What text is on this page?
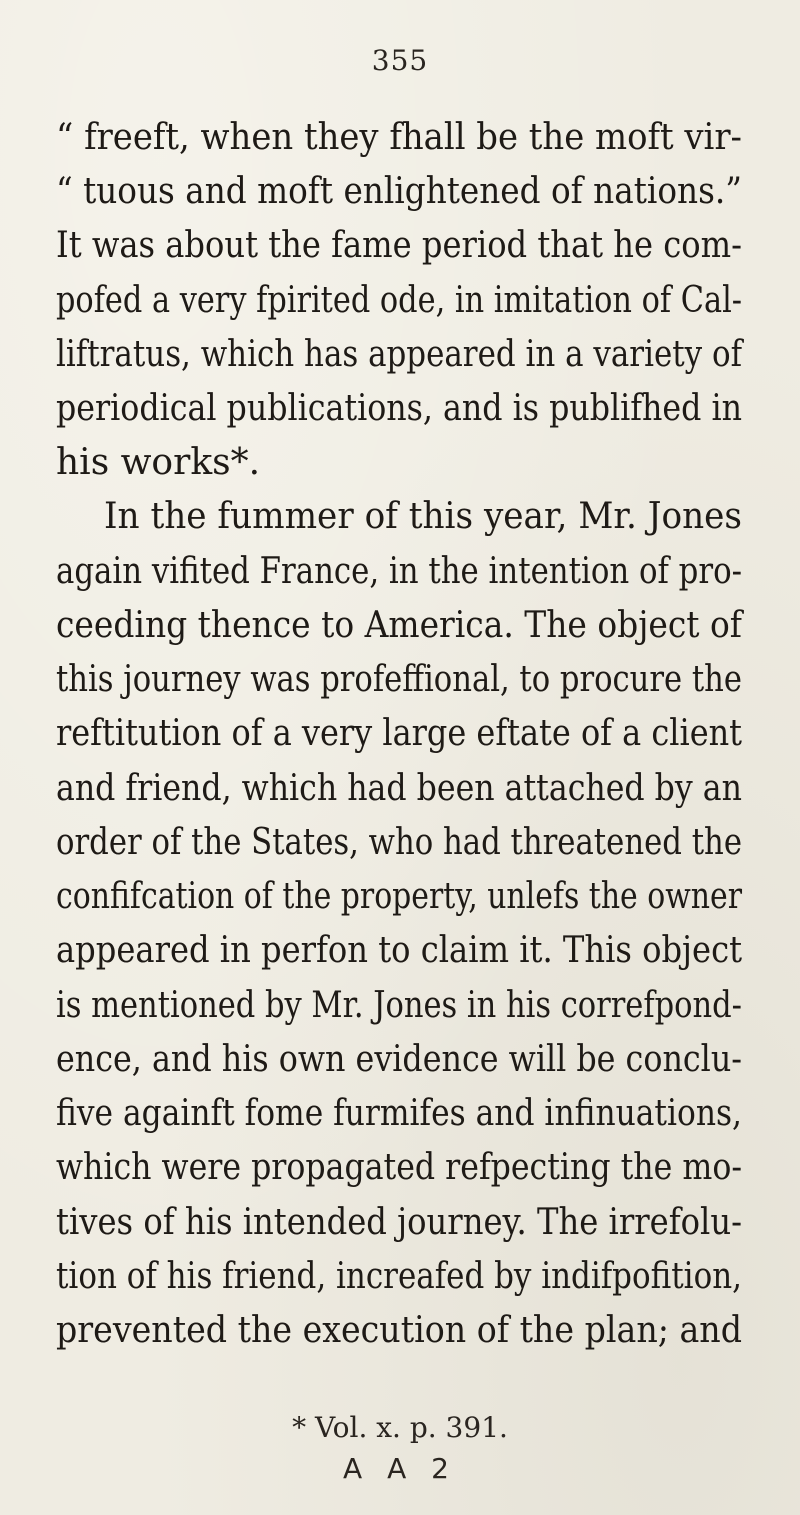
355
“ freeft, when they fhall be the moft vir-
“ tuous and moft enlightened of nations.”
It was about the fame period that he com-
pofed a very fpirited ode, in imitation of Cal-
liftratus, which has appeared in a variety of
periodical publications, and is publifhed in
his works*.
In the fummer of this year, Mr. Jones
again vifited France, in the intention of pro-
ceeding thence to America. The object of
this journey was profeffional, to procure the
reftitution of a very large eftate of a client
and friend, which had been attached by an
order of the States, who had threatened the
confifcation of the property, unlefs the owner
appeared in perfon to claim it. This object
is mentioned by Mr. Jones in his correfpond-
ence, and his own evidence will be conclu-
five againft fome furmifes and infinuations,
which were propagated refpecting the mo-
tives of his intended journey. The irrefolu-
tion of his friend, increafed by indifpofition,
prevented the execution of the plan; and
* Vol. x. p. 391.
A A 2
